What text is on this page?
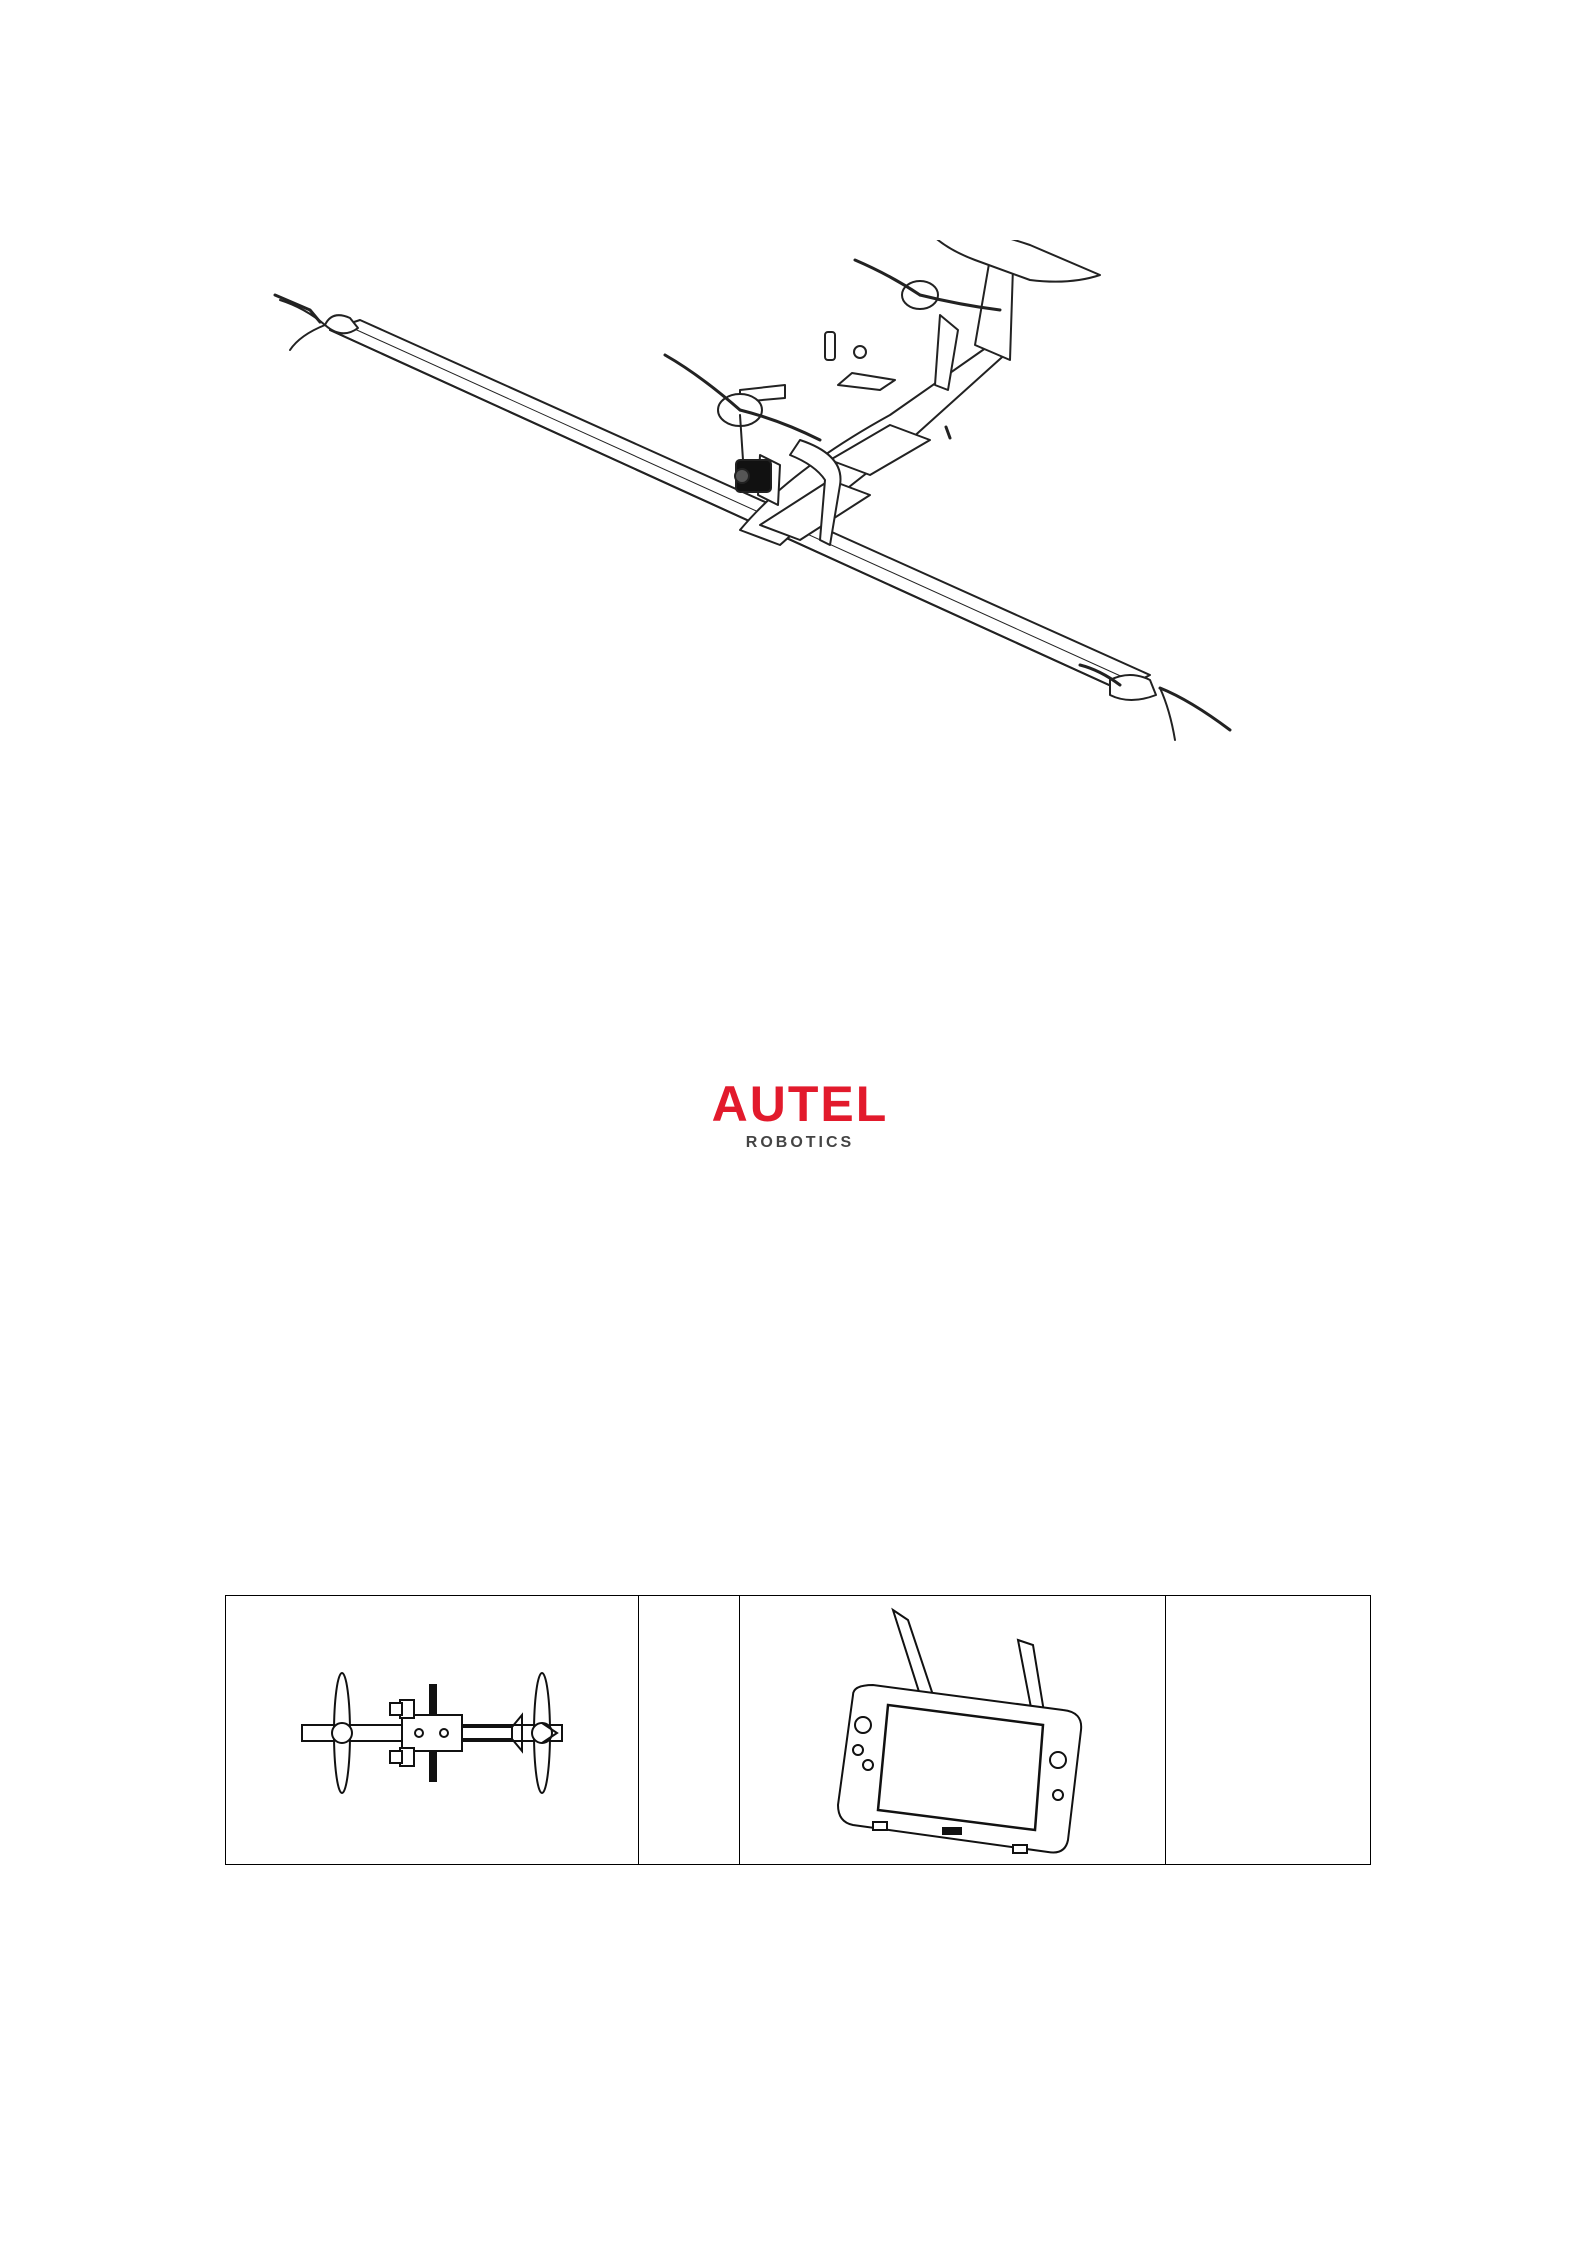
AUTEL
ROBOTICS
